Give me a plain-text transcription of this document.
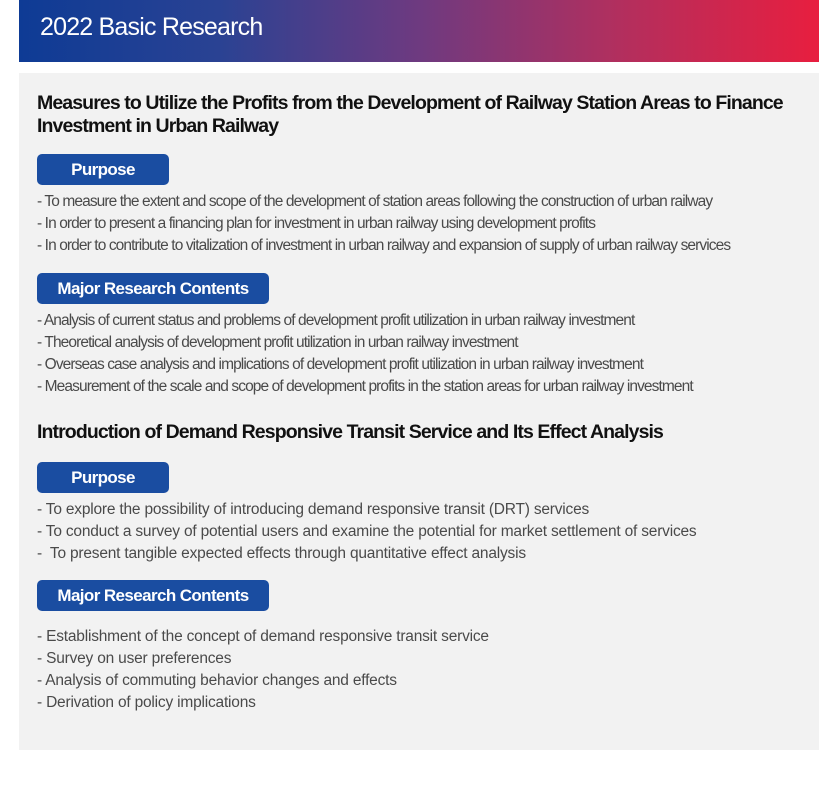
2022 Basic Research
Measures to Utilize the Profits from the Development of Railway Station Areas to Finance Investment in Urban Railway
Purpose
- To measure the extent and scope of the development of station areas following the construction of urban railway
- In order to present a financing plan for investment in urban railway using development profits
- In order to contribute to vitalization of investment in urban railway and expansion of supply of urban railway services
Major Research Contents
- Analysis of current status and problems of development profit utilization in urban railway investment
- Theoretical analysis of development profit utilization in urban railway investment
- Overseas case analysis and implications of development profit utilization in urban railway investment
- Measurement of the scale and scope of development profits in the station areas for urban railway investment
Introduction of Demand Responsive Transit Service and Its Effect Analysis
Purpose
- To explore the possibility of introducing demand responsive transit (DRT) services
- To conduct a survey of potential users and examine the potential for market settlement of services
-  To present tangible expected effects through quantitative effect analysis
Major Research Contents
- Establishment of the concept of demand responsive transit service
- Survey on user preferences
- Analysis of commuting behavior changes and effects
- Derivation of policy implications
